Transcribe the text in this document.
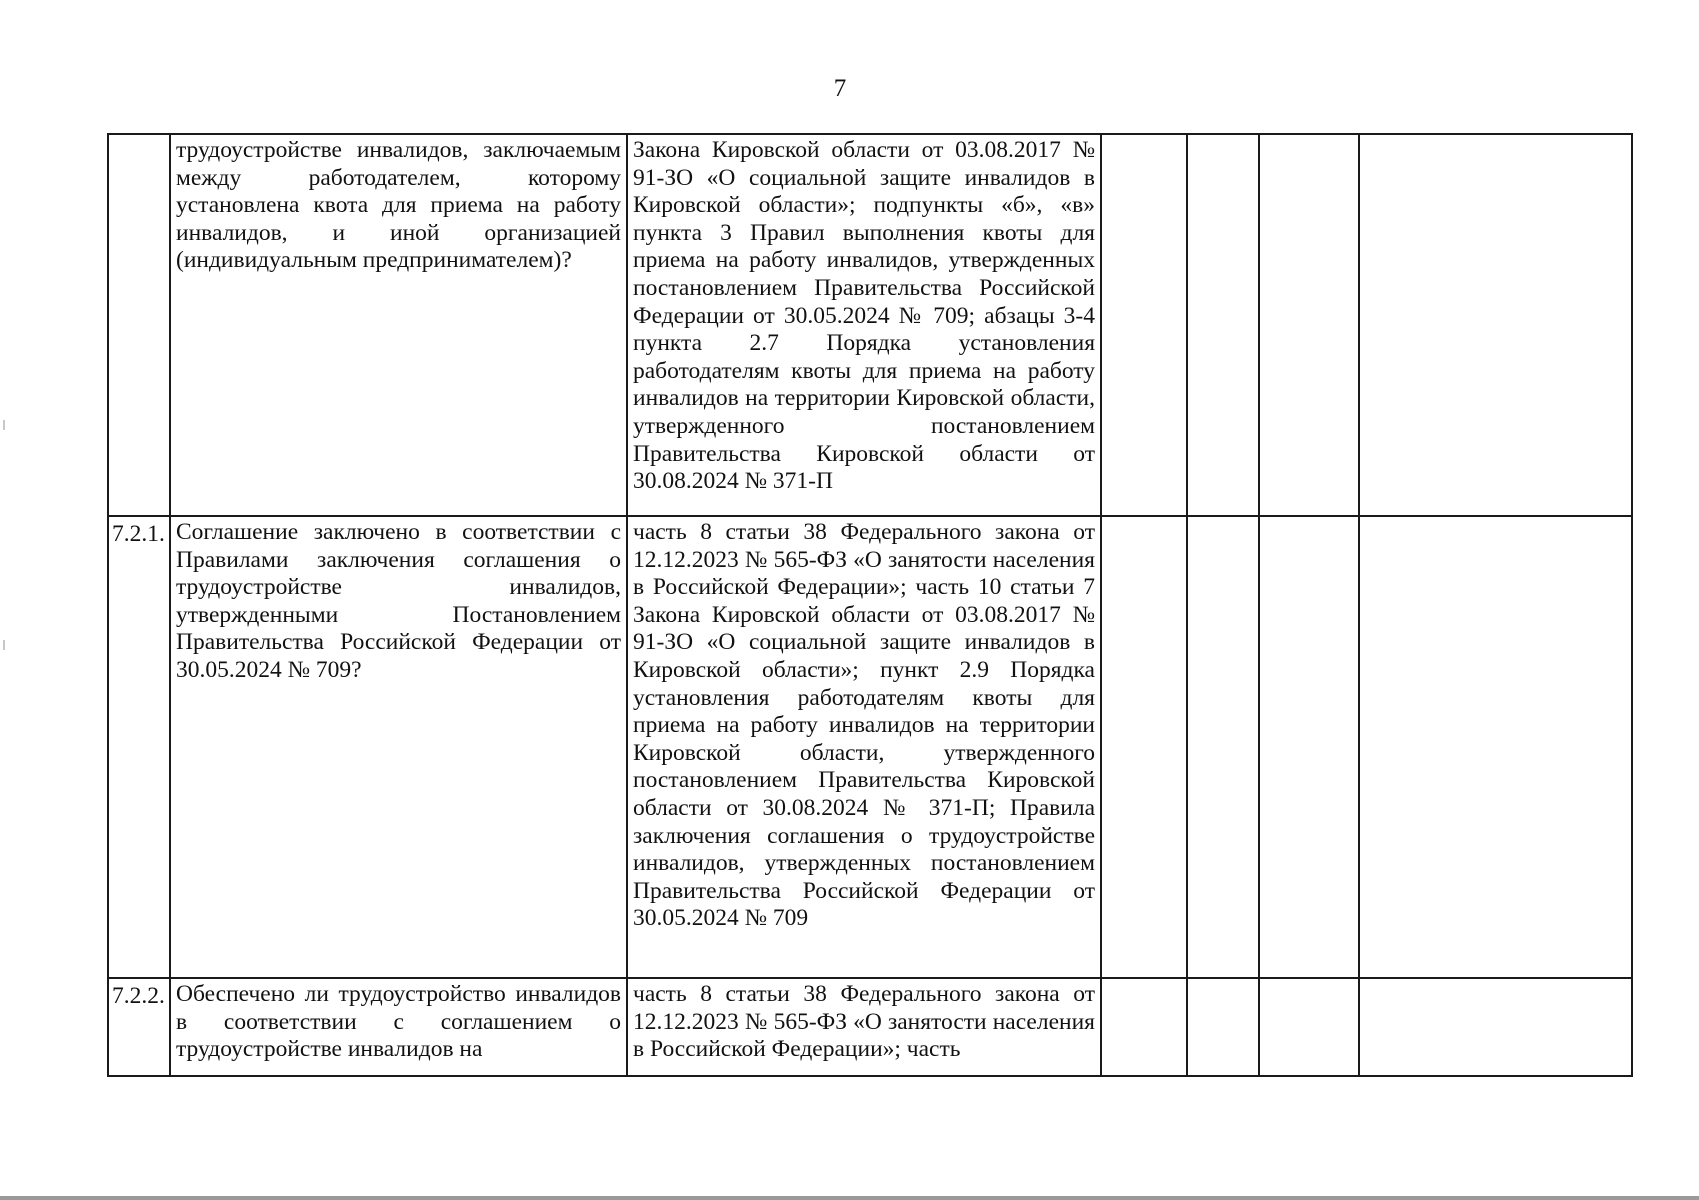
7
	трудоустройстве инвалидов, заключаемым между работодателем, которому установлена квота для приема на работу инвалидов, и иной организацией (индивидуальным предпринимателем)?	Закона Кировской области от 03.08.2017 № 91-ЗО «О социальной защите инвалидов в Кировской области»; подпункты «б», «в» пункта 3 Правил выполнения квоты для приема на работу инвалидов, утвержденных постановлением Правительства Российской Федерации от 30.05.2024 № 709; абзацы 3-4 пункта 2.7 Порядка установления работодателям квоты для приема на работу инвалидов на территории Кировской области, утвержденного постановлением Правительства Кировской области от 30.08.2024 № 371-П				
7.2.1.	Соглашение заключено в соответствии с Правилами заключения соглашения о трудоустройстве инвалидов, утвержденными Постановлением Правительства Российской Федерации от 30.05.2024 № 709?	часть 8 статьи 38 Федерального закона от 12.12.2023 № 565-ФЗ «О занятости населения в Российской Федерации»; часть 10 статьи 7 Закона Кировской области от 03.08.2017 № 91-ЗО «О социальной защите инвалидов в Кировской области»; пункт 2.9 Порядка установления работодателям квоты для приема на работу инвалидов на территории Кировской области, утвержденного постановлением Правительства Кировской области от 30.08.2024 № 371-П; Правила заключения соглашения о трудоустройстве инвалидов, утвержденных постановлением Правительства Российской Федерации от 30.05.2024 № 709				
7.2.2.	Обеспечено ли трудоустройство инвалидов в соответствии с соглашением о трудоустройстве инвалидов на	часть 8 статьи 38 Федерального закона от 12.12.2023 № 565-ФЗ «О занятости населения в Российской Федерации»; часть				
